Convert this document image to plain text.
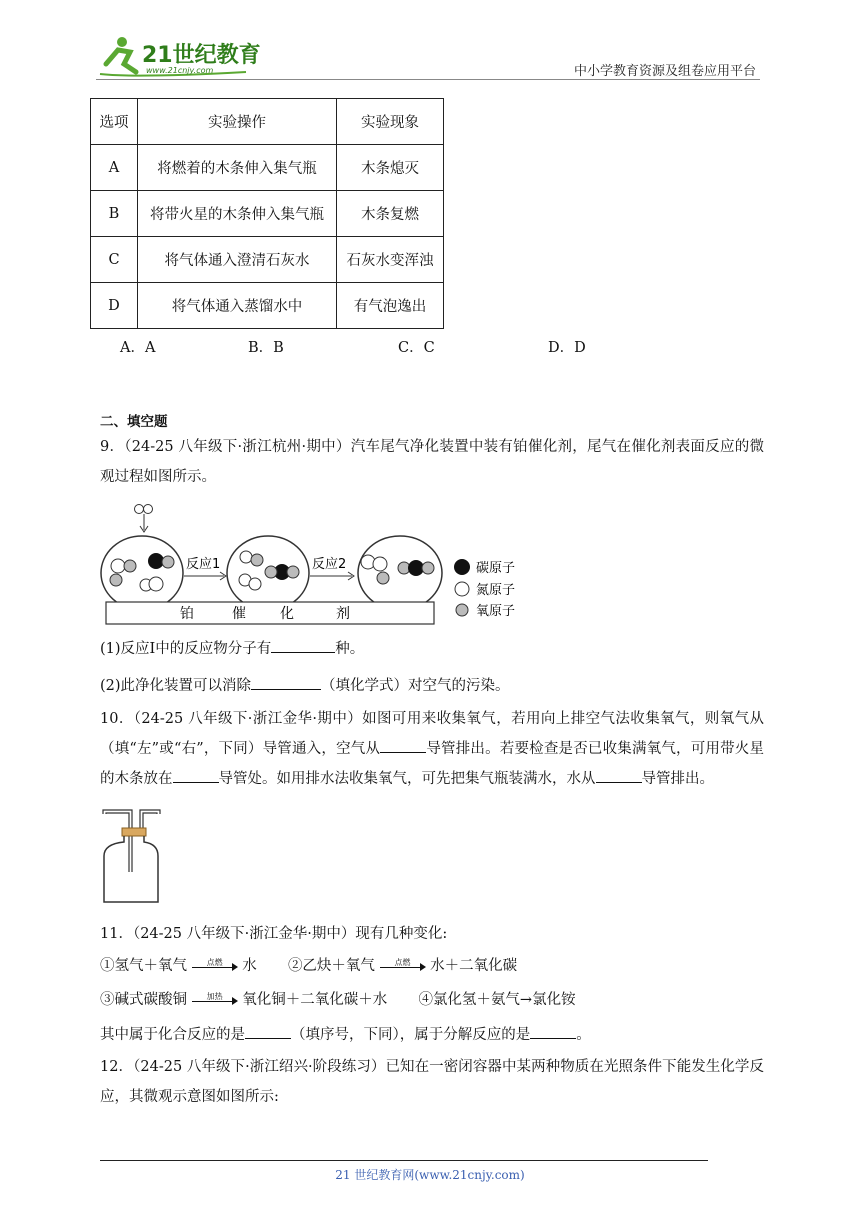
21世纪教育
www.21cnjy.com	中小学教育资源及组卷应用平台
选项	实验操作	实验现象
A	将燃着的木条伸入集气瓶	木条熄灭
B	将带火星的木条伸入集气瓶	木条复燃
C	将气体通入澄清石灰水	石灰水变浑浊
D	将气体通入蒸馏水中	有气泡逸出
A．A	B．B	C．C	D．D
二、填空题
9．（24-25 八年级下·浙江杭州·期中）汽车尾气净化装置中装有铂催化剂，尾气在催化剂表面反应的微观过程如图所示。
反应1	反应2
铂	催 化	剂
碳原子
氮原子
氧原子
(1)反应Ⅰ中的反应物分子有	种。
(2)此净化装置可以消除	（填化学式）对空气的污染。
10．（24-25 八年级下·浙江金华·期中）如图可用来收集氧气，若用向上排空气法收集氧气，则氧气从（填“左”或“右”，下同）导管通入，空气从	导管排出。若要检查是否已收集满氧气，可用带火星的木条放在	导管处。如用排水法收集氧气，可先把集气瓶装满水，水从	导管排出。
11．（24-25 八年级下·浙江金华·期中）现有几种变化:
①氢气＋氧气	点燃	水 ②乙炔＋氧气	点燃	水＋二氧化碳
③碱式碳酸铜	加热	氧化铜＋二氧化碳＋水 ④氯化氢＋氨气→氯化铵
其中属于化合反应的是	（填序号，下同），属于分解反应的是	。
12．（24-25 八年级下·浙江绍兴·阶段练习）已知在一密闭容器中某两种物质在光照条件下能发生化学反应，其微观示意图如图所示:
21 世纪教育网(www.21cnjy.com)
